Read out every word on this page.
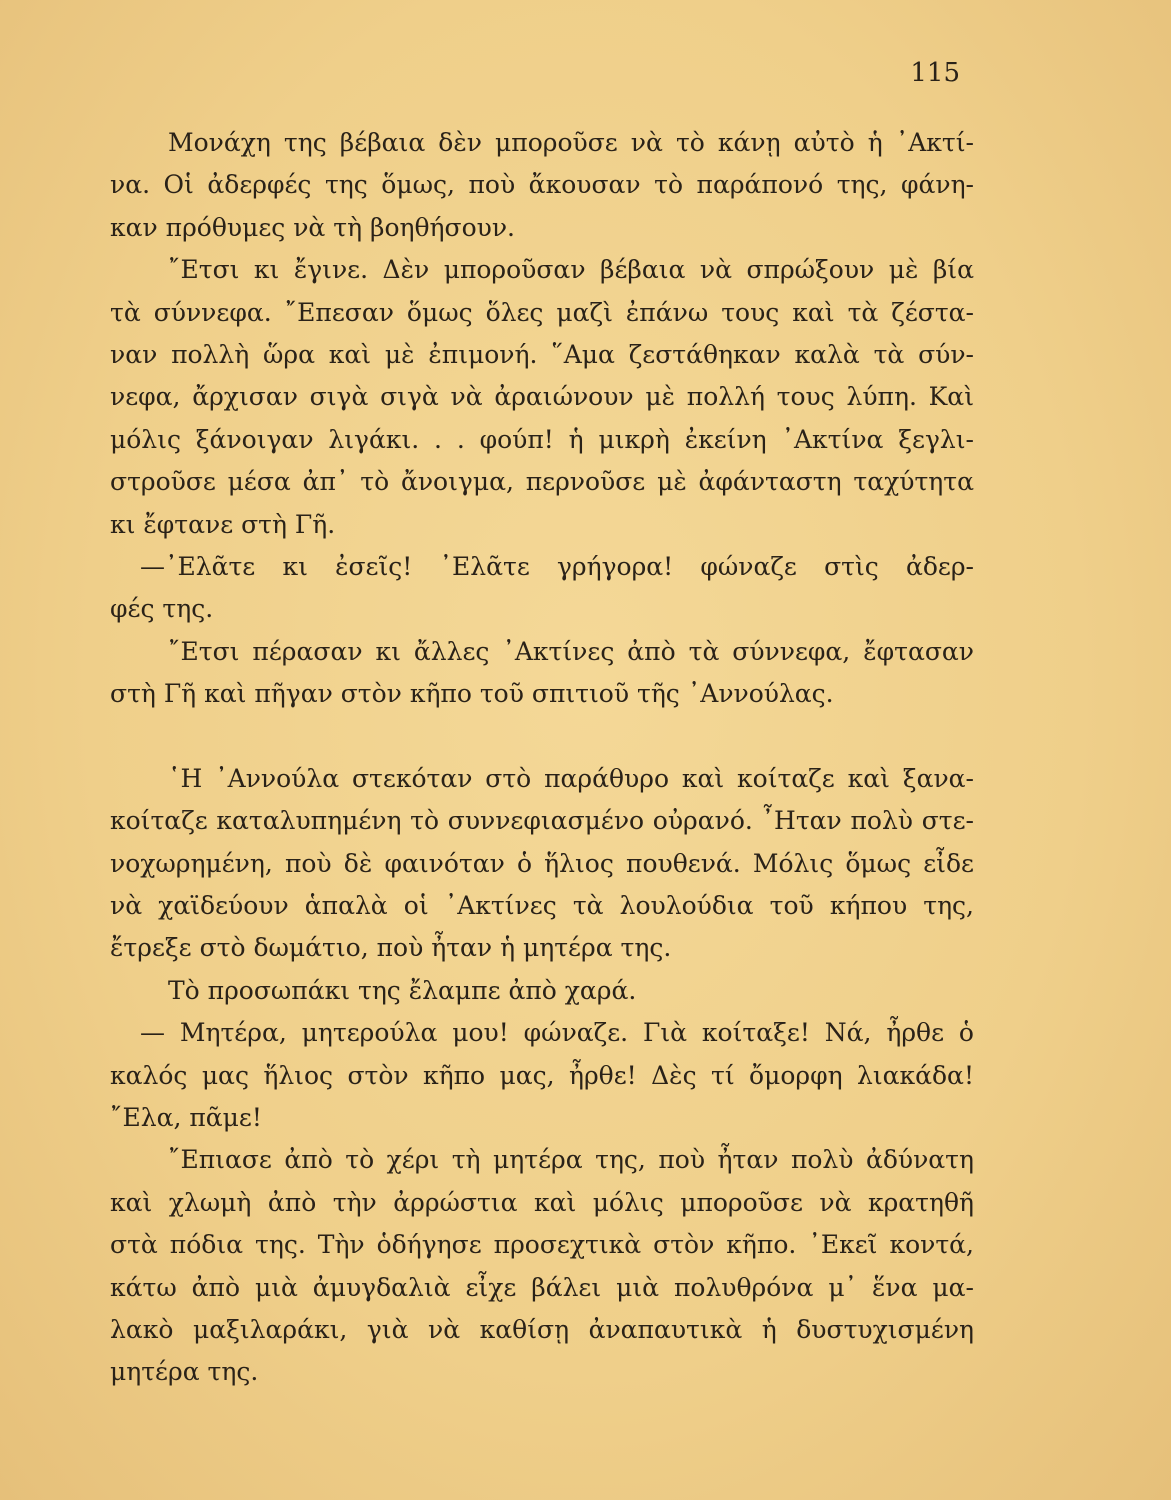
115
Μονάχη της βέβαια δὲν μποροῦσε νὰ τὸ κάνῃ αὐτὸ ἡ ᾿Ακτί-
να. Οἱ ἀδερφές της ὅμως, ποὺ ἄκουσαν τὸ παράπονό της, φάνη-
καν πρόθυμες νὰ τὴ βοηθήσουν.
῎Ετσι κι ἔγινε. Δὲν μποροῦσαν βέβαια νὰ σπρώξουν μὲ βία
τὰ σύννεφα. ῎Επεσαν ὅμως ὅλες μαζὶ ἐπάνω τους καὶ τὰ ζέστα-
ναν πολλὴ ὥρα καὶ μὲ ἐπιμονή. ῞Αμα ζεστάθηκαν καλὰ τὰ σύν-
νεφα, ἄρχισαν σιγὰ σιγὰ νὰ ἀραιώνουν μὲ πολλή τους λύπη. Καὶ
μόλις ξάνοιγαν λιγάκι. . . φούπ! ἡ μικρὴ ἐκείνη ᾿Ακτίνα ξεγλι-
στροῦσε μέσα ἀπ᾿ τὸ ἄνοιγμα, περνοῦσε μὲ ἀφάνταστη ταχύτητα
κι ἔφτανε στὴ Γῆ.
—᾿Ελᾶτε κι ἐσεῖς! ᾿Ελᾶτε γρήγορα! φώναζε στὶς ἀδερ-
φές της.
῎Ετσι πέρασαν κι ἄλλες ᾿Ακτίνες ἀπὸ τὰ σύννεφα, ἔφτασαν
στὴ Γῆ καὶ πῆγαν στὸν κῆπο τοῦ σπιτιοῦ τῆς ᾿Αννούλας.
῾Η ᾿Αννούλα στεκόταν στὸ παράθυρο καὶ κοίταζε καὶ ξανα-
κοίταζε καταλυπημένη τὸ συννεφιασμένο οὐρανό. ῏Ηταν πολὺ στε-
νοχωρημένη, ποὺ δὲ φαινόταν ὁ ἥλιος πουθενά. Μόλις ὅμως εἶδε
νὰ χαϊδεύουν ἁπαλὰ οἱ ᾿Ακτίνες τὰ λουλούδια τοῦ κήπου της,
ἔτρεξε στὸ δωμάτιο, ποὺ ἦταν ἡ μητέρα της.
Τὸ προσωπάκι της ἔλαμπε ἀπὸ χαρά.
— Μητέρα, μητερούλα μου! φώναζε. Γιὰ κοίταξε! Νά, ἦρθε ὁ
καλός μας ἥλιος στὸν κῆπο μας, ἦρθε! Δὲς τί ὄμορφη λιακάδα!
῎Ελα, πᾶμε!
῎Επιασε ἀπὸ τὸ χέρι τὴ μητέρα της, ποὺ ἦταν πολὺ ἀδύνατη
καὶ χλωμὴ ἀπὸ τὴν ἀρρώστια καὶ μόλις μποροῦσε νὰ κρατηθῆ
στὰ πόδια της. Τὴν ὁδήγησε προσεχτικὰ στὸν κῆπο. ᾿Εκεῖ κοντά,
κάτω ἀπὸ μιὰ ἀμυγδαλιὰ εἶχε βάλει μιὰ πολυθρόνα μ᾿ ἕνα μα-
λακὸ μαξιλαράκι, γιὰ νὰ καθίσῃ ἀναπαυτικὰ ἡ δυστυχισμένη
μητέρα της.
